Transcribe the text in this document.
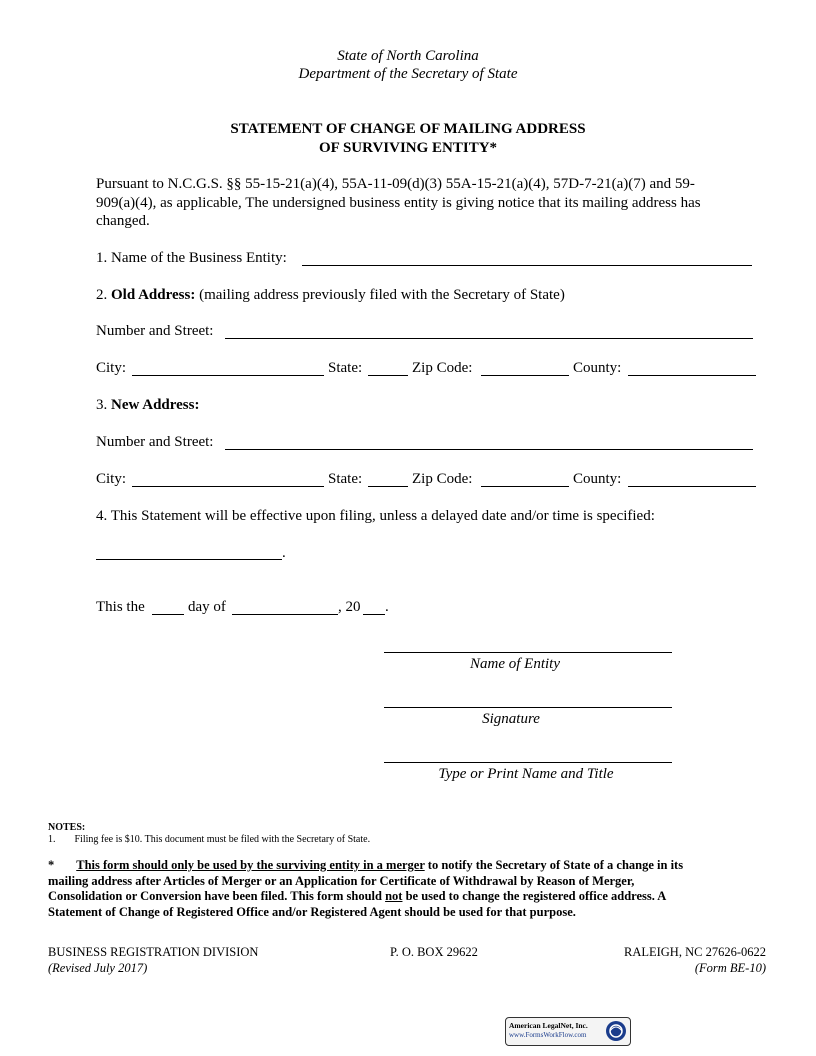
State of North Carolina
Department of the Secretary of State
STATEMENT OF CHANGE OF MAILING ADDRESS
OF SURVIVING ENTITY*
Pursuant to N.C.G.S. §§ 55-15-21(a)(4), 55A-11-09(d)(3) 55A-15-21(a)(4), 57D-7-21(a)(7) and 59-
909(a)(4), as applicable, The undersigned business entity is giving notice that its mailing address has
changed.
1. Name of the Business Entity:
2. Old Address: (mailing address previously filed with the Secretary of State)
Number and Street:
City:	State:	Zip Code:	County:
3. New Address:
Number and Street:
City:	State:	Zip Code:	County:
4. This Statement will be effective upon filing, unless a delayed date and/or time is specified:
.
This the	day of	, 20 .
Name of Entity
Signature
Type or Print Name and Title
NOTES:
1. Filing fee is $10. This document must be filed with the Secretary of State.
* This form should only be used by the surviving entity in a merger to notify the Secretary of State of a change in its
mailing address after Articles of Merger or an Application for Certificate of Withdrawal by Reason of Merger,
Consolidation or Conversion have been filed. This form should not be used to change the registered office address. A
Statement of Change of Registered Office and/or Registered Agent should be used for that purpose.
BUSINESS REGISTRATION DIVISION	P. O. BOX 29622	RALEIGH, NC 27626-0622
(Revised July 2017)	(Form BE-10)
American LegalNet, Inc.
www.FormsWorkFlow.com
